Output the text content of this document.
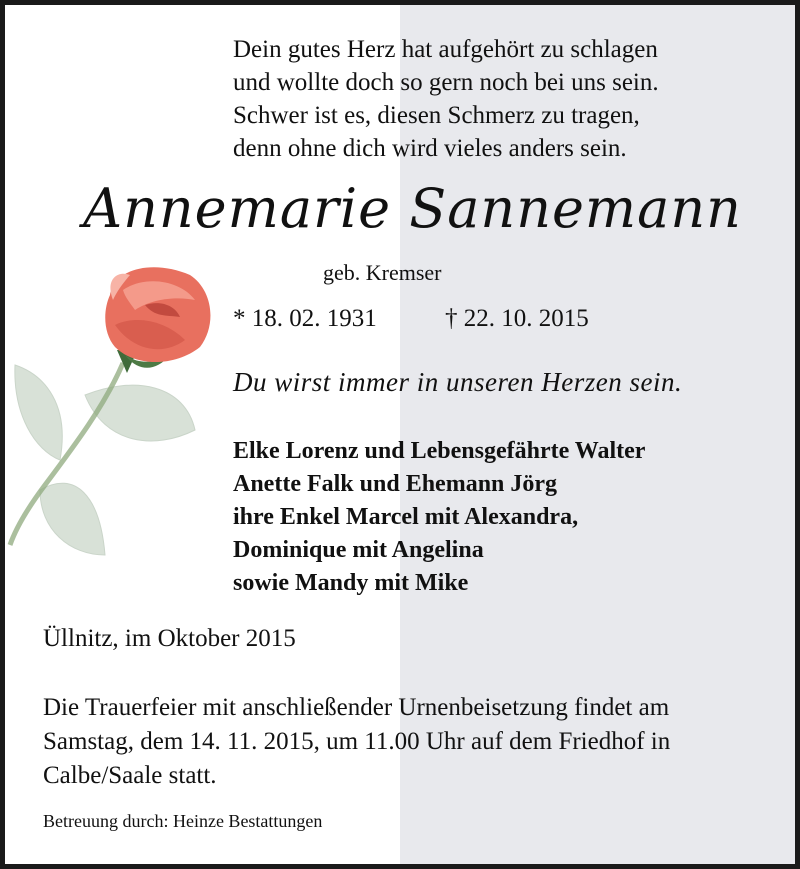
Dein gutes Herz hat aufgehört zu schlagen
und wollte doch so gern noch bei uns sein.
Schwer ist es, diesen Schmerz zu tragen,
denn ohne dich wird vieles anders sein.
Annemarie Sannemann
geb. Kremser
* 18. 02. 1931	† 22. 10. 2015
Du wirst immer in unseren Herzen sein.
Elke Lorenz und Lebensgefährte Walter
Anette Falk und Ehemann Jörg
ihre Enkel Marcel mit Alexandra,
Dominique mit Angelina
sowie Mandy mit Mike
Üllnitz, im Oktober 2015
Die Trauerfeier mit anschließender Urnenbeisetzung findet am
Samstag, dem 14. 11. 2015, um 11.00 Uhr auf dem Friedhof in
Calbe/Saale statt.
Betreuung durch: Heinze Bestattungen
